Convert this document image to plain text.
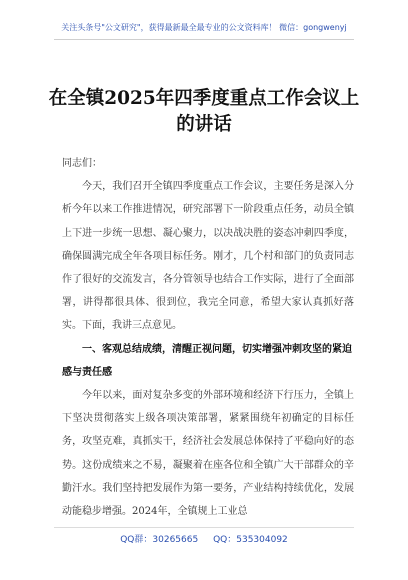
关注头条号"公文研究"，获得最新最全最专业的公文资料库！ 微信：gongwenyj
在全镇2025年四季度重点工作会议上的讲话

同志们：

今天，我们召开全镇四季度重点工作会议，主要任务是深入分析今年以来工作推进情况，研究部署下一阶段重点任务，动员全镇上下进一步统一思想、凝心聚力，以决战决胜的姿态冲刺四季度，确保圆满完成全年各项目标任务。刚才，几个村和部门的负责同志作了很好的交流发言，各分管领导也结合工作实际，进行了全面部署，讲得都很具体、很到位，我完全同意，希望大家认真抓好落实。下面，我讲三点意见。

一、客观总结成绩，清醒正视问题，切实增强冲刺攻坚的紧迫感与责任感

今年以来，面对复杂多变的外部环境和经济下行压力，全镇上下坚决贯彻落实上级各项决策部署，紧紧围绕年初确定的目标任务，攻坚克难，真抓实干，经济社会发展总体保持了平稳向好的态势。这份成绩来之不易，凝聚着在座各位和全镇广大干部群众的辛勤汗水。我们坚持把发展作为第一要务，产业结构持续优化，发展动能稳步增强。2024年，全镇规上工业总

QQ群：30265665 QQ：535304092
